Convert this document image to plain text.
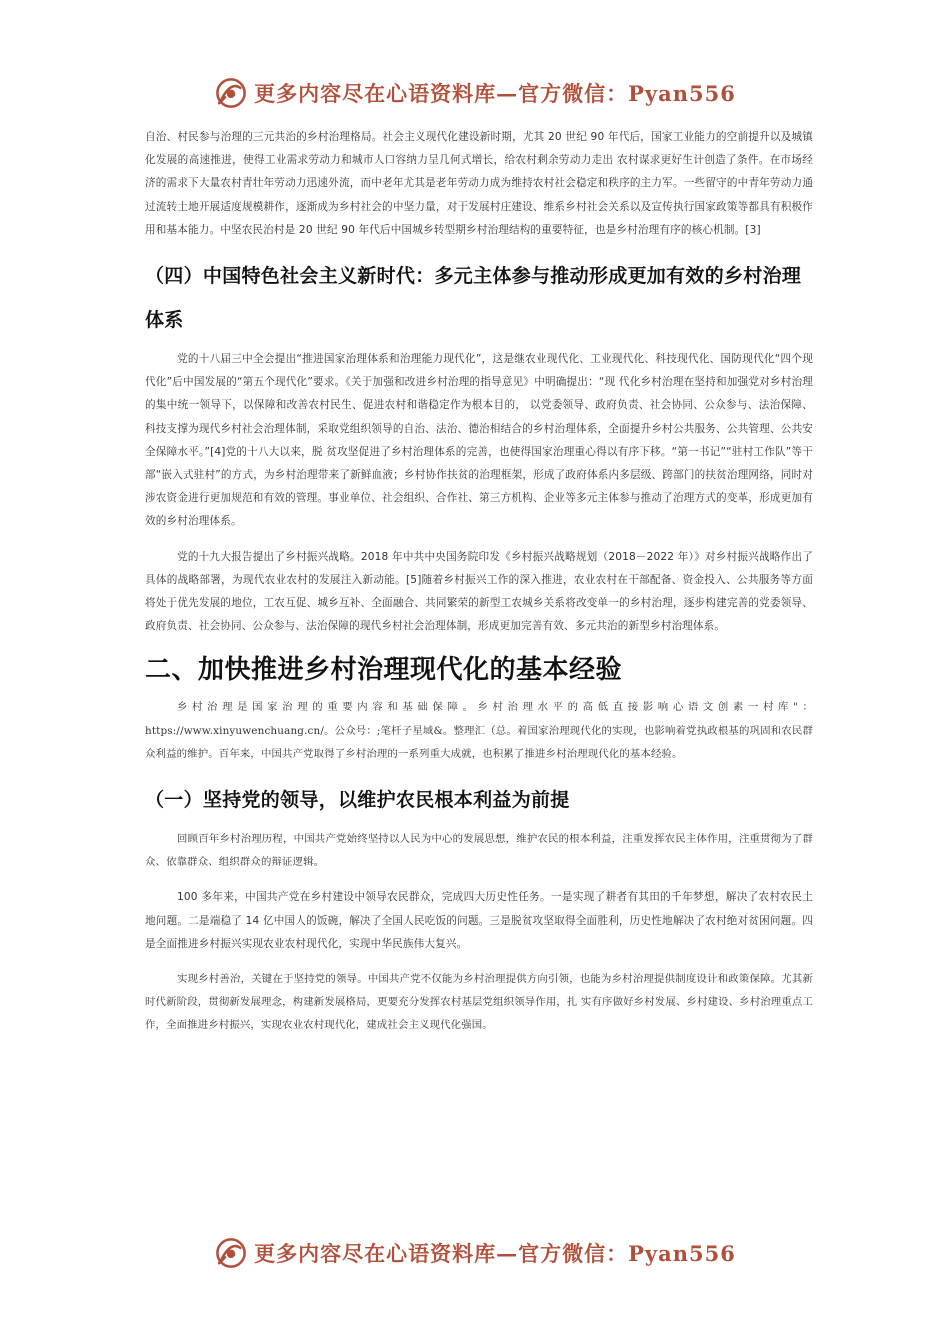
更多内容尽在心语资料库—官方微信：Pyan556

自治、村民参与治理的三元共治的乡村治理格局。社会主义现代化建设新时期，尤其 20 世纪 90 年代后，国家工业能力的空前提升以及城镇化发展的高速推进，使得工业需求劳动力和城市人口容纳力呈几何式增长，给农村剩余劳动力走出 农村谋求更好生计创造了条件。在市场经济的需求下大量农村青壮年劳动力迅速外流，而中老年尤其是老年劳动力成为维持农村社会稳定和秩序的主力军。一些留守的中青年劳动力通过流转土地开展适度规模耕作，逐渐成为乡村社会的中坚力量，对于发展村庄建设、维系乡村社会关系以及宣传执行国家政策等都具有积极作用和基本能力。中坚农民治村是 20 世纪 90 年代后中国城乡转型期乡村治理结构的重要特征，也是乡村治理有序的核心机制。[3]

（四）中国特色社会主义新时代：多元主体参与推动形成更加有效的乡村治理体系

党的十八届三中全会提出“推进国家治理体系和治理能力现代化”，这是继农业现代化、工业现代化、科技现代化、国防现代化“四个现代化”后中国发展的“第五个现代化”要求。《关于加强和改进乡村治理的指导意见》中明确提出：“现 代化乡村治理在坚持和加强党对乡村治理的集中统一领导下，以保障和改善农村民生、促进农村和谐稳定作为根本目的， 以党委领导、政府负责、社会协同、公众参与、法治保障、科技支撑为现代乡村社会治理体制，采取党组织领导的自治、法治、德治相结合的乡村治理体系，全面提升乡村公共服务、公共管理、公共安全保障水平。”[4]党的十八大以来，脱 贫攻坚促进了乡村治理体系的完善，也使得国家治理重心得以有序下移。“第一书记”“驻村工作队”等干部“嵌入式驻村”的方式，为乡村治理带来了新鲜血液；乡村协作扶贫的治理框架，形成了政府体系内多层级、跨部门的扶贫治理网络，同时对涉农资金进行更加规范和有效的管理。事业单位、社会组织、合作社、第三方机构、企业等多元主体参与推动了治理方式的变革，形成更加有效的乡村治理体系。

党的十九大报告提出了乡村振兴战略。2018 年中共中央国务院印发《乡村振兴战略规划（2018－2022 年）》对乡村振兴战略作出了具体的战略部署，为现代农业农村的发展注入新动能。[5]随着乡村振兴工作的深入推进，农业农村在干部配备、资金投入、公共服务等方面将处于优先发展的地位，工农互促、城乡互补、全面融合、共同繁荣的新型工农城乡关系将改变单一的乡村治理，逐步构建完善的党委领导、政府负责、社会协同、公众参与、法治保障的现代乡村社会治理体制，形成更加完善有效、多元共治的新型乡村治理体系。

二、加快推进乡村治理现代化的基本经验

乡村治理是国家治理的重要内容和基础保障。乡村治理水平的高低直接影响心语文创素一村库"：https://www.xinyuwenchuang.cn/。公众号：;笔杆子星域&。整理汇（总。着国家治理现代化的实现，也影响着党执政根基的巩固和农民群众利益的维护。百年来，中国共产党取得了乡村治理的一系列重大成就，也积累了推进乡村治理现代化的基本经验。

（一）坚持党的领导，以维护农民根本利益为前提

回顾百年乡村治理历程，中国共产党始终坚持以人民为中心的发展思想，维护农民的根本利益，注重发挥农民主体作用，注重贯彻为了群众、依靠群众、组织群众的辩证逻辑。

100 多年来，中国共产党在乡村建设中领导农民群众，完成四大历史性任务。一是实现了耕者有其田的千年梦想，解决了农村农民土地问题。二是端稳了 14 亿中国人的饭碗，解决了全国人民吃饭的问题。三是脱贫攻坚取得全面胜利，历史性地解决了农村绝对贫困问题。四是全面推进乡村振兴实现农业农村现代化，实现中华民族伟大复兴。

实现乡村善治，关键在于坚持党的领导。中国共产党不仅能为乡村治理提供方向引领，也能为乡村治理提供制度设计和政策保障。尤其新时代新阶段，贯彻新发展理念，构建新发展格局，更要充分发挥农村基层党组织领导作用，扎 实有序做好乡村发展、乡村建设、乡村治理重点工作，全面推进乡村振兴，实现农业农村现代化，建成社会主义现代化强国。

更多内容尽在心语资料库—官方微信：Pyan556
